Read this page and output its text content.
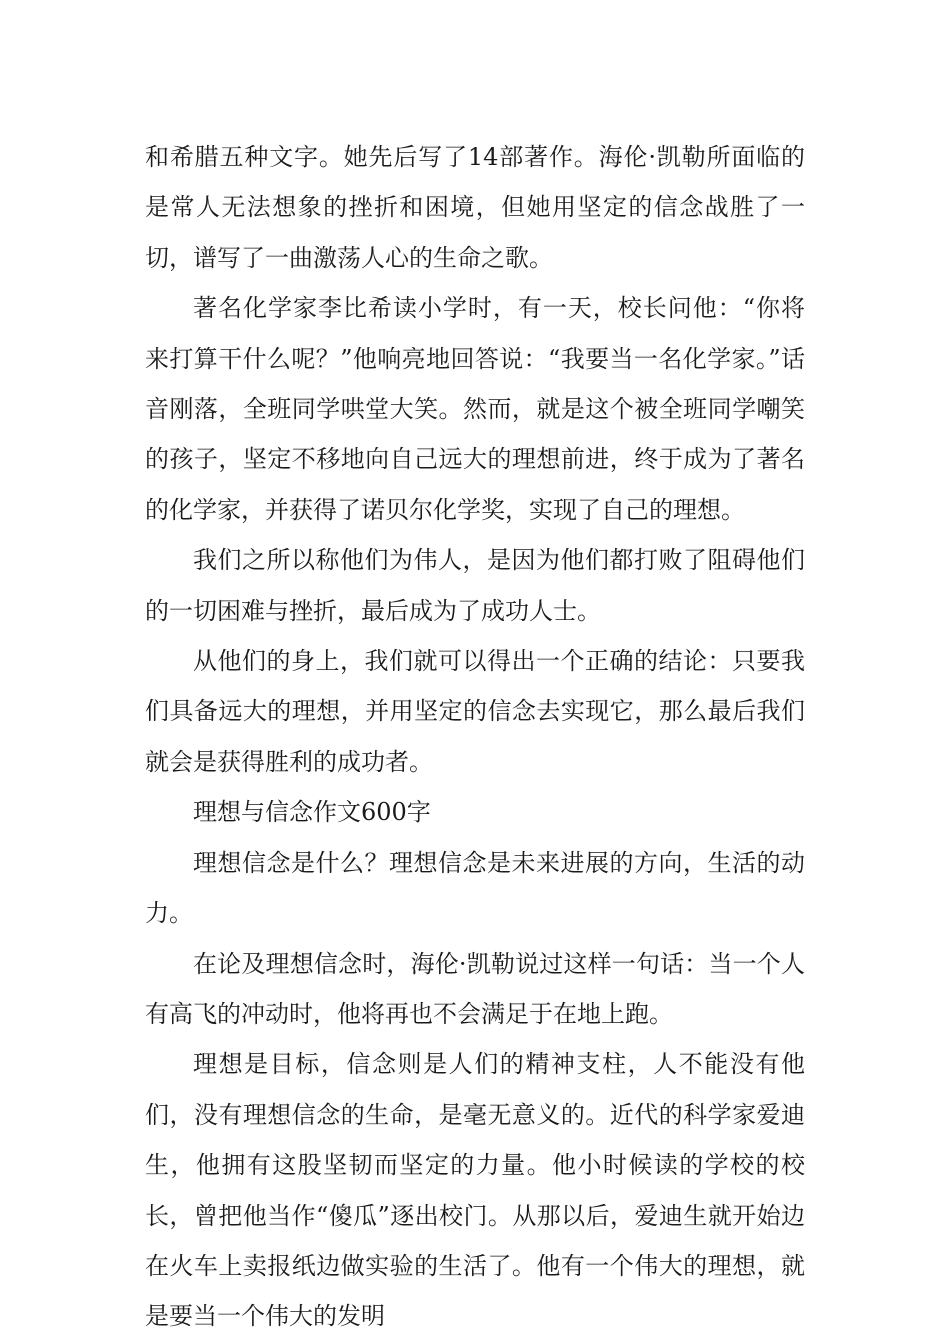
和希腊五种文字。她先后写了14部著作。海伦·凯勒所面临的是常人无法想象的挫折和困境，但她用坚定的信念战胜了一切，谱写了一曲激荡人心的生命之歌。

著名化学家李比希读小学时，有一天，校长问他：“你将来打算干什么呢？”他响亮地回答说：“我要当一名化学家。”话音刚落，全班同学哄堂大笑。然而，就是这个被全班同学嘲笑的孩子，坚定不移地向自己远大的理想前进，终于成为了著名的化学家，并获得了诺贝尔化学奖，实现了自己的理想。

我们之所以称他们为伟人，是因为他们都打败了阻碍他们的一切困难与挫折，最后成为了成功人士。

从他们的身上，我们就可以得出一个正确的结论：只要我们具备远大的理想，并用坚定的信念去实现它，那么最后我们就会是获得胜利的成功者。

理想与信念作文600字

理想信念是什么？理想信念是未来进展的方向，生活的动力。

在论及理想信念时，海伦·凯勒说过这样一句话：当一个人有高飞的冲动时，他将再也不会满足于在地上跑。

理想是目标，信念则是人们的精神支柱，人不能没有他们，没有理想信念的生命，是毫无意义的。近代的科学家爱迪生，他拥有这股坚韧而坚定的力量。他小时候读的学校的校长，曾把他当作“傻瓜”逐出校门。从那以后，爱迪生就开始边在火车上卖报纸边做实验的生活了。他有一个伟大的理想，就是要当一个伟大的发明
